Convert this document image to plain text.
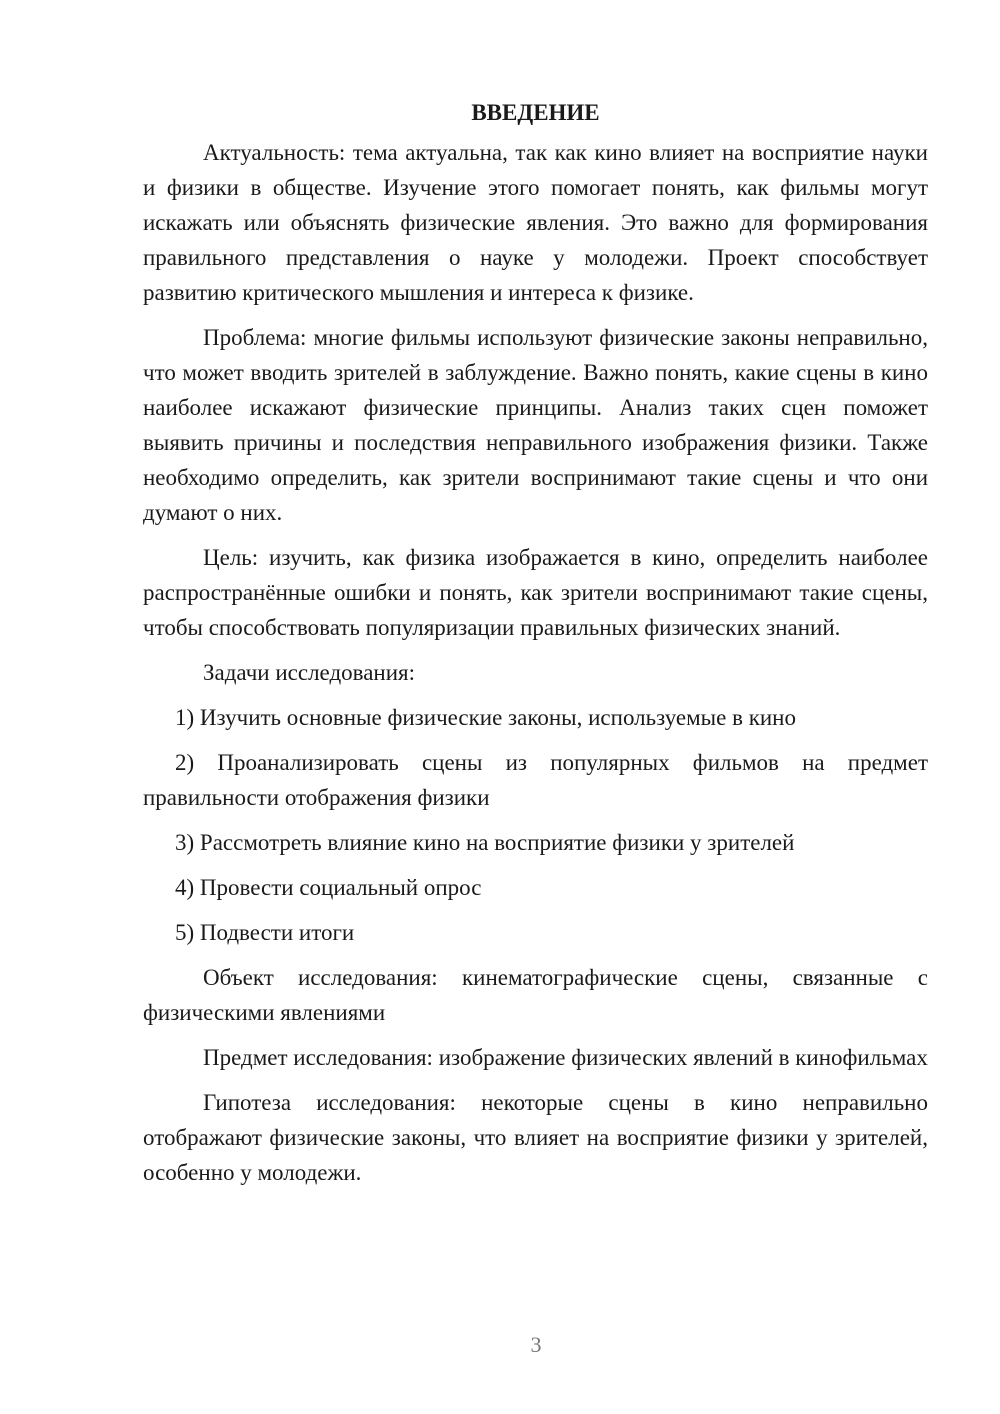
ВВЕДЕНИЕ

Актуальность: тема актуальна, так как кино влияет на восприятие науки и физики в обществе. Изучение этого помогает понять, как фильмы могут искажать или объяснять физические явления. Это важно для формирования правильного представления о науке у молодежи. Проект способствует развитию критического мышления и интереса к физике.

Проблема: многие фильмы используют физические законы неправильно, что может вводить зрителей в заблуждение. Важно понять, какие сцены в кино наиболее искажают физические принципы. Анализ таких сцен поможет выявить причины и последствия неправильного изображения физики. Также необходимо определить, как зрители воспринимают такие сцены и что они думают о них.

Цель: изучить, как физика изображается в кино, определить наиболее распространённые ошибки и понять, как зрители воспринимают такие сцены, чтобы способствовать популяризации правильных физических знаний.

Задачи исследования:

1) Изучить основные физические законы, используемые в кино

2) Проанализировать сцены из популярных фильмов на предмет правильности отображения физики

3) Рассмотреть влияние кино на восприятие физики у зрителей

4) Провести социальный опрос

5) Подвести итоги

Объект исследования: кинематографические сцены, связанные с физическими явлениями

Предмет исследования: изображение физических явлений в кинофильмах

Гипотеза исследования: некоторые сцены в кино неправильно отображают физические законы, что влияет на восприятие физики у зрителей, особенно у молодежи.

3
